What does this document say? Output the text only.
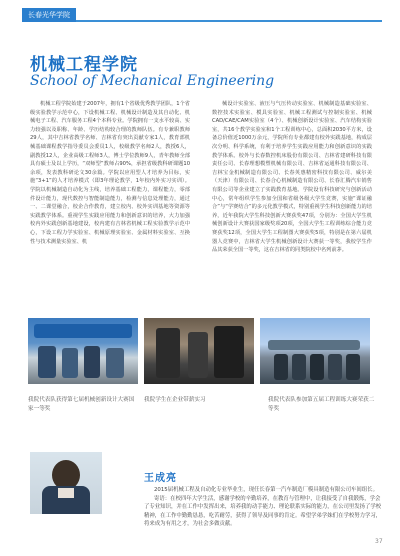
长春光华学院
机械工程学院
School of Mechanical Engineering

机械工程学院始建于2007年，拥有1个省级优秀教学团队，1个省级实验教学示范中心，下设机械工程、机械设计制造及其自动化、机械电子工程、汽车服务工程4个本科专业。学院拥有一支水平较高、实力较强以及职称、年龄、学历结构较合理的教师队伍。有专兼职教师29人，其中吉林省教学名师、吉林省有突出贡献专家1人，教育部机械基础课程教学指导委员会委员1人，校级教学名师2人，教授6人，副教授12人，企业高级工程师3人，博士学位教师9人，青年教师全部具有硕士及以上学历，“双师型”教师占90%，承担省级教科研课题10余项，发表教科研论文30余篇。学院以应用型人才培养为目标，实施“3+1”的人才培养模式（即3年理论教学，1年校内外实习实训）。学院以机械制造自动化为主线，培养基础工程能力，课程能力，零部件设计能力，现代数控与智能制造能力，检测与信息处理能力，通过一、二课堂融合，校企合作教育，建立校内、校外实训基地等资源等实践教学体系。重视学生实践应用能力和创新意识的培养，大力加强校内外实践创新基地建设，校内建有吉林省机械工程实验教学示范中心，下设工程力学实验室、机械原理实验室、金属材料实验室、互换性与技术测量实验室、机

械设计实验室、液压与气压传动实验室、机械制造基础实验室、数控技术实验室、模具实验室、机械工程测试与控制实验室、机械CAD/CAE/CAM实验室（4个）、机械创新设计实验室、汽车结构实验室，共16个教学实验室和1个工程训练中心，总面积2030平方米，设备总价值近1000万余元，学院所有专业都建有校外实践基地，构成层次分明、科学系统，有利于培养学生实践应用能力和创新意识的实践教学体系。校外与长春数控机床股份有限公司、吉林省建研科技有限责任公司、长春理想模塑机械有限公司、吉林省运通科技有限公司、吉林宝金机械制造有限公司、长春英惠精密科技有限公司、威尔美（天津）有限公司、长春合心机械制造有限公司、长春汇腾汽车销售有限公司等企业建立了实践教育基地。学院设有科技研究与创新活动中心，常年组织学生参加全国和省级各级大学生竞赛，实施“课证融合”与“学赛结合”的多元化教学模式，特别重视学生科技创新能力的培养，近年我院大学生科技创新大赛获奖47项，分别为：全国大学生机械创新设计大赛获国家级奖项20项，全国大学生工程训练综合能力竞赛获奖12项，全国大学生工程制图大赛获奖5项，特别是在第六届机器人竞赛中，吉林省大学生机械创新设计大赛获一等奖，我校学生作品其荣获全国一等奖，这在吉林省的同类院校中名列前茅。

我院代表队获得第七届机械创新设计大赛国家一等奖
我院学生在企业带薪实习	我院代表队参加第五届工程训练大赛荣获二等奖
王成亮

2015届机械工程及自动化专业毕业生，现任长春第一汽车制造厂模具制造有限公司车间组长。

寄语：在校四年大学生活，感谢学校的辛勤培养，在教育与管理中，让我接受了自我锻炼，学会了专业知识，并在工作中发挥出来，培养我的动手能力、理论联系实际的能力，在公司里发扬了学校精神，在工作中勤勤恳恳，吃苦耐劳，获得了领导及同事的肯定。希望学弟学妹们在学校努力学习，将来成为有用之才，为社会多做贡献。

37
